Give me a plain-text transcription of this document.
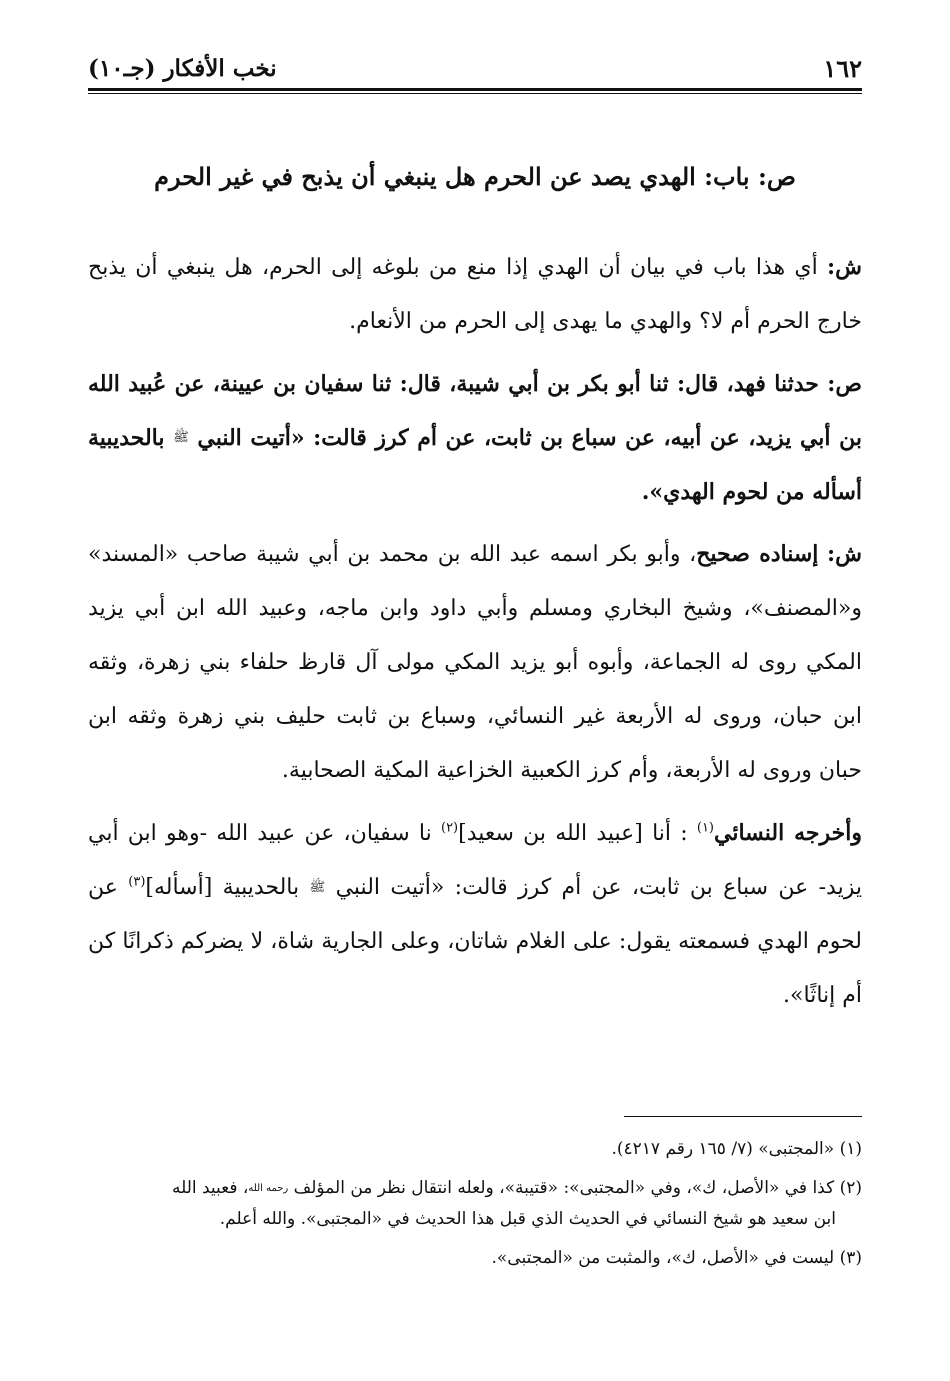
١٦٢
نخب الأفكار (جـ١٠)
ص: باب: الهدي يصد عن الحرم هل ينبغي أن يذبح في غير الحرم

ش: أي هذا باب في بيان أن الهدي إذا منع من بلوغه إلى الحرم، هل ينبغي أن يذبح خارج الحرم أم لا؟ والهدي ما يهدى إلى الحرم من الأنعام.

ص: حدثنا فهد، قال: ثنا أبو بكر بن أبي شيبة، قال: ثنا سفيان بن عيينة، عن عُبيد الله بن أبي يزيد، عن أبيه، عن سباع بن ثابت، عن أم كرز قالت: «أتيت النبي $^ﷺ$ بالحديبية أسأله من لحوم الهدي».

ش: إسناده صحيح، وأبو بكر اسمه عبد الله بن محمد بن أبي شيبة صاحب «المسند» و«المصنف»، وشيخ البخاري ومسلم وأبي داود وابن ماجه، وعبيد الله ابن أبي يزيد المكي روى له الجماعة، وأبوه أبو يزيد المكي مولى آل قارظ حلفاء بني زهرة، وثقه ابن حبان، وروى له الأربعة غير النسائي، وسباع بن ثابت حليف بني زهرة وثقه ابن حبان وروى له الأربعة، وأم كرز الكعبية الخزاعية المكية الصحابية.

وأخرجه النسائي$^{(١)}$ : أنا [عبيد الله بن سعيد]$^{(٢)}$ نا سفيان، عن عبيد الله -وهو ابن أبي يزيد- عن سباع بن ثابت، عن أم كرز قالت: «أتيت النبي $^ﷺ$ بالحديبية [أسأله]$^{(٣)}$ عن لحوم الهدي فسمعته يقول: على الغلام شاتان، وعلى الجارية شاة، لا يضركم ذكرانًا كن أم إناثًا».

(١) «المجتبى» (٧/ ١٦٥ رقم ٤٢١٧).
(٢) كذا في «الأصل، ك»، وفي «المجتبى»: «قتيبة»، ولعله انتقال نظر من المؤلف $^{رحمه الله}$، فعبيد الله
ابن سعيد هو شيخ النسائي في الحديث الذي قبل هذا الحديث في «المجتبى». والله أعلم.
(٣) ليست في «الأصل، ك»، والمثبت من «المجتبى».
